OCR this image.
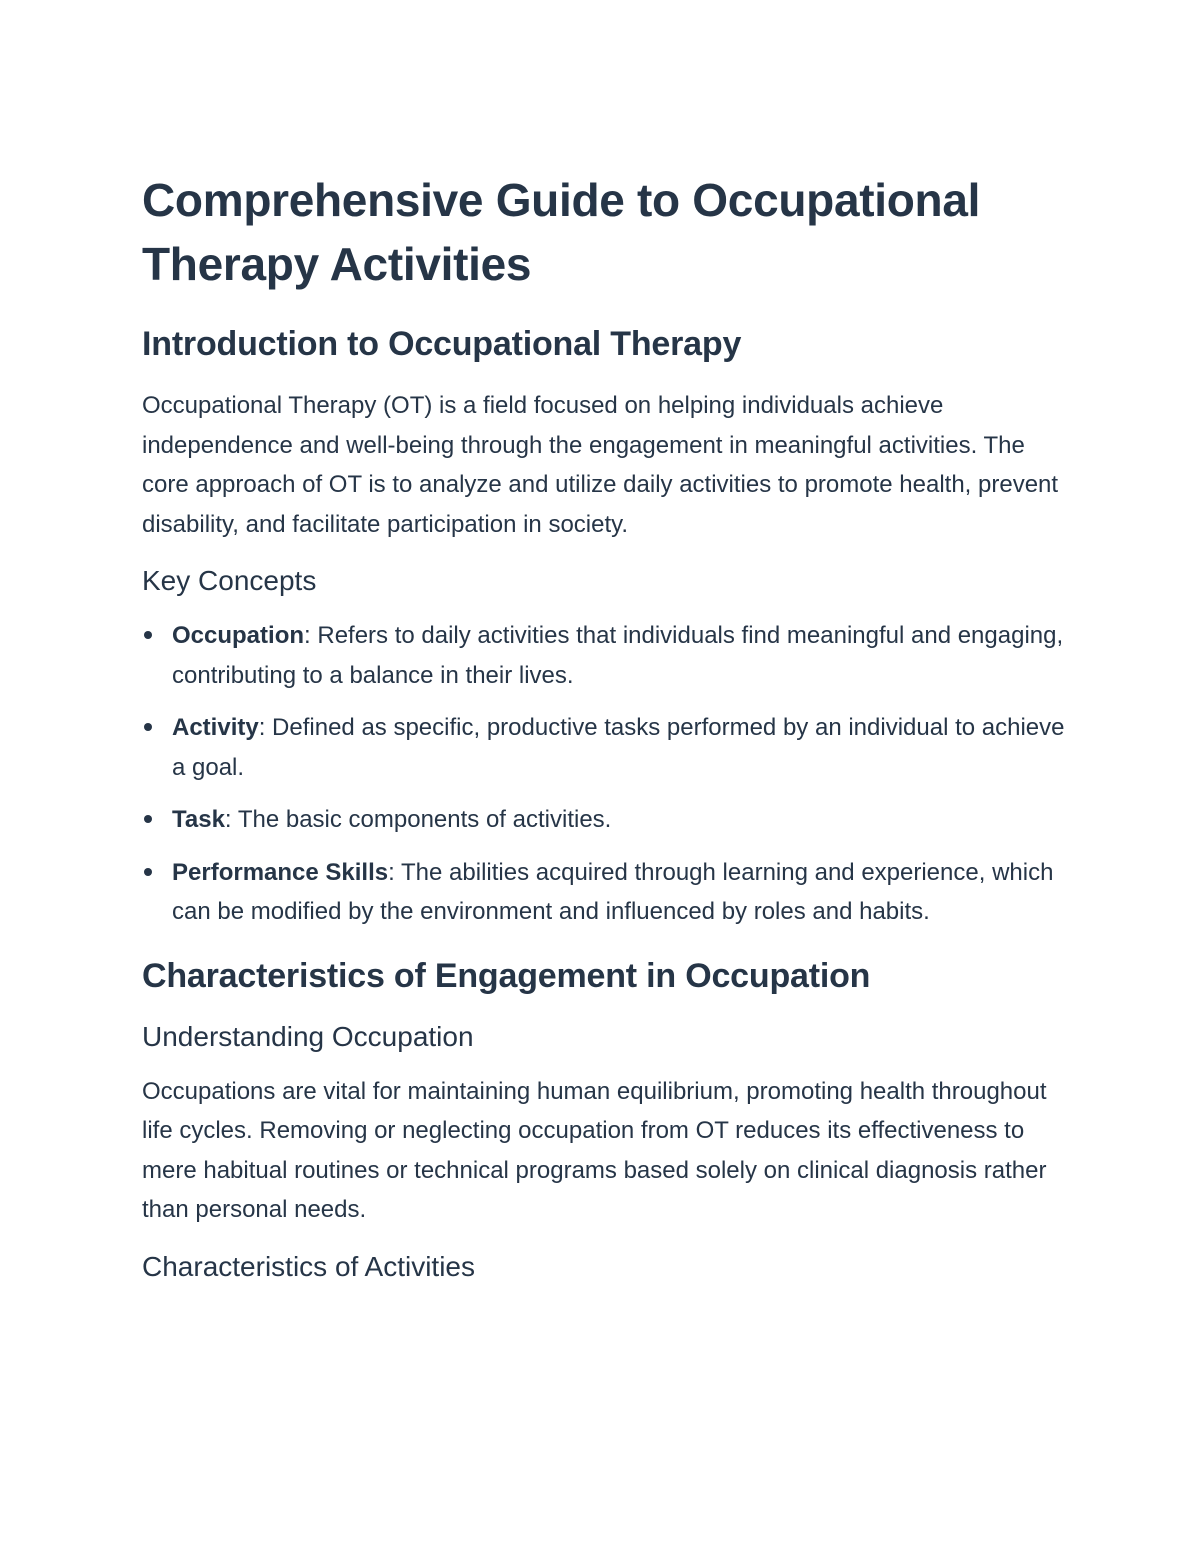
Comprehensive Guide to Occupational Therapy Activities
Introduction to Occupational Therapy

Occupational Therapy (OT) is a field focused on helping individuals achieve independence and well-being through the engagement in meaningful activities. The core approach of OT is to analyze and utilize daily activities to promote health, prevent disability, and facilitate participation in society.

Key Concepts
Occupation: Refers to daily activities that individuals find meaningful and engaging, contributing to a balance in their lives.
Activity: Defined as specific, productive tasks performed by an individual to achieve a goal.
Task: The basic components of activities.
Performance Skills: The abilities acquired through learning and experience, which can be modified by the environment and influenced by roles and habits.
Characteristics of Engagement in Occupation
Understanding Occupation

Occupations are vital for maintaining human equilibrium, promoting health throughout life cycles. Removing or neglecting occupation from OT reduces its effectiveness to mere habitual routines or technical programs based solely on clinical diagnosis rather than personal needs.

Characteristics of Activities
